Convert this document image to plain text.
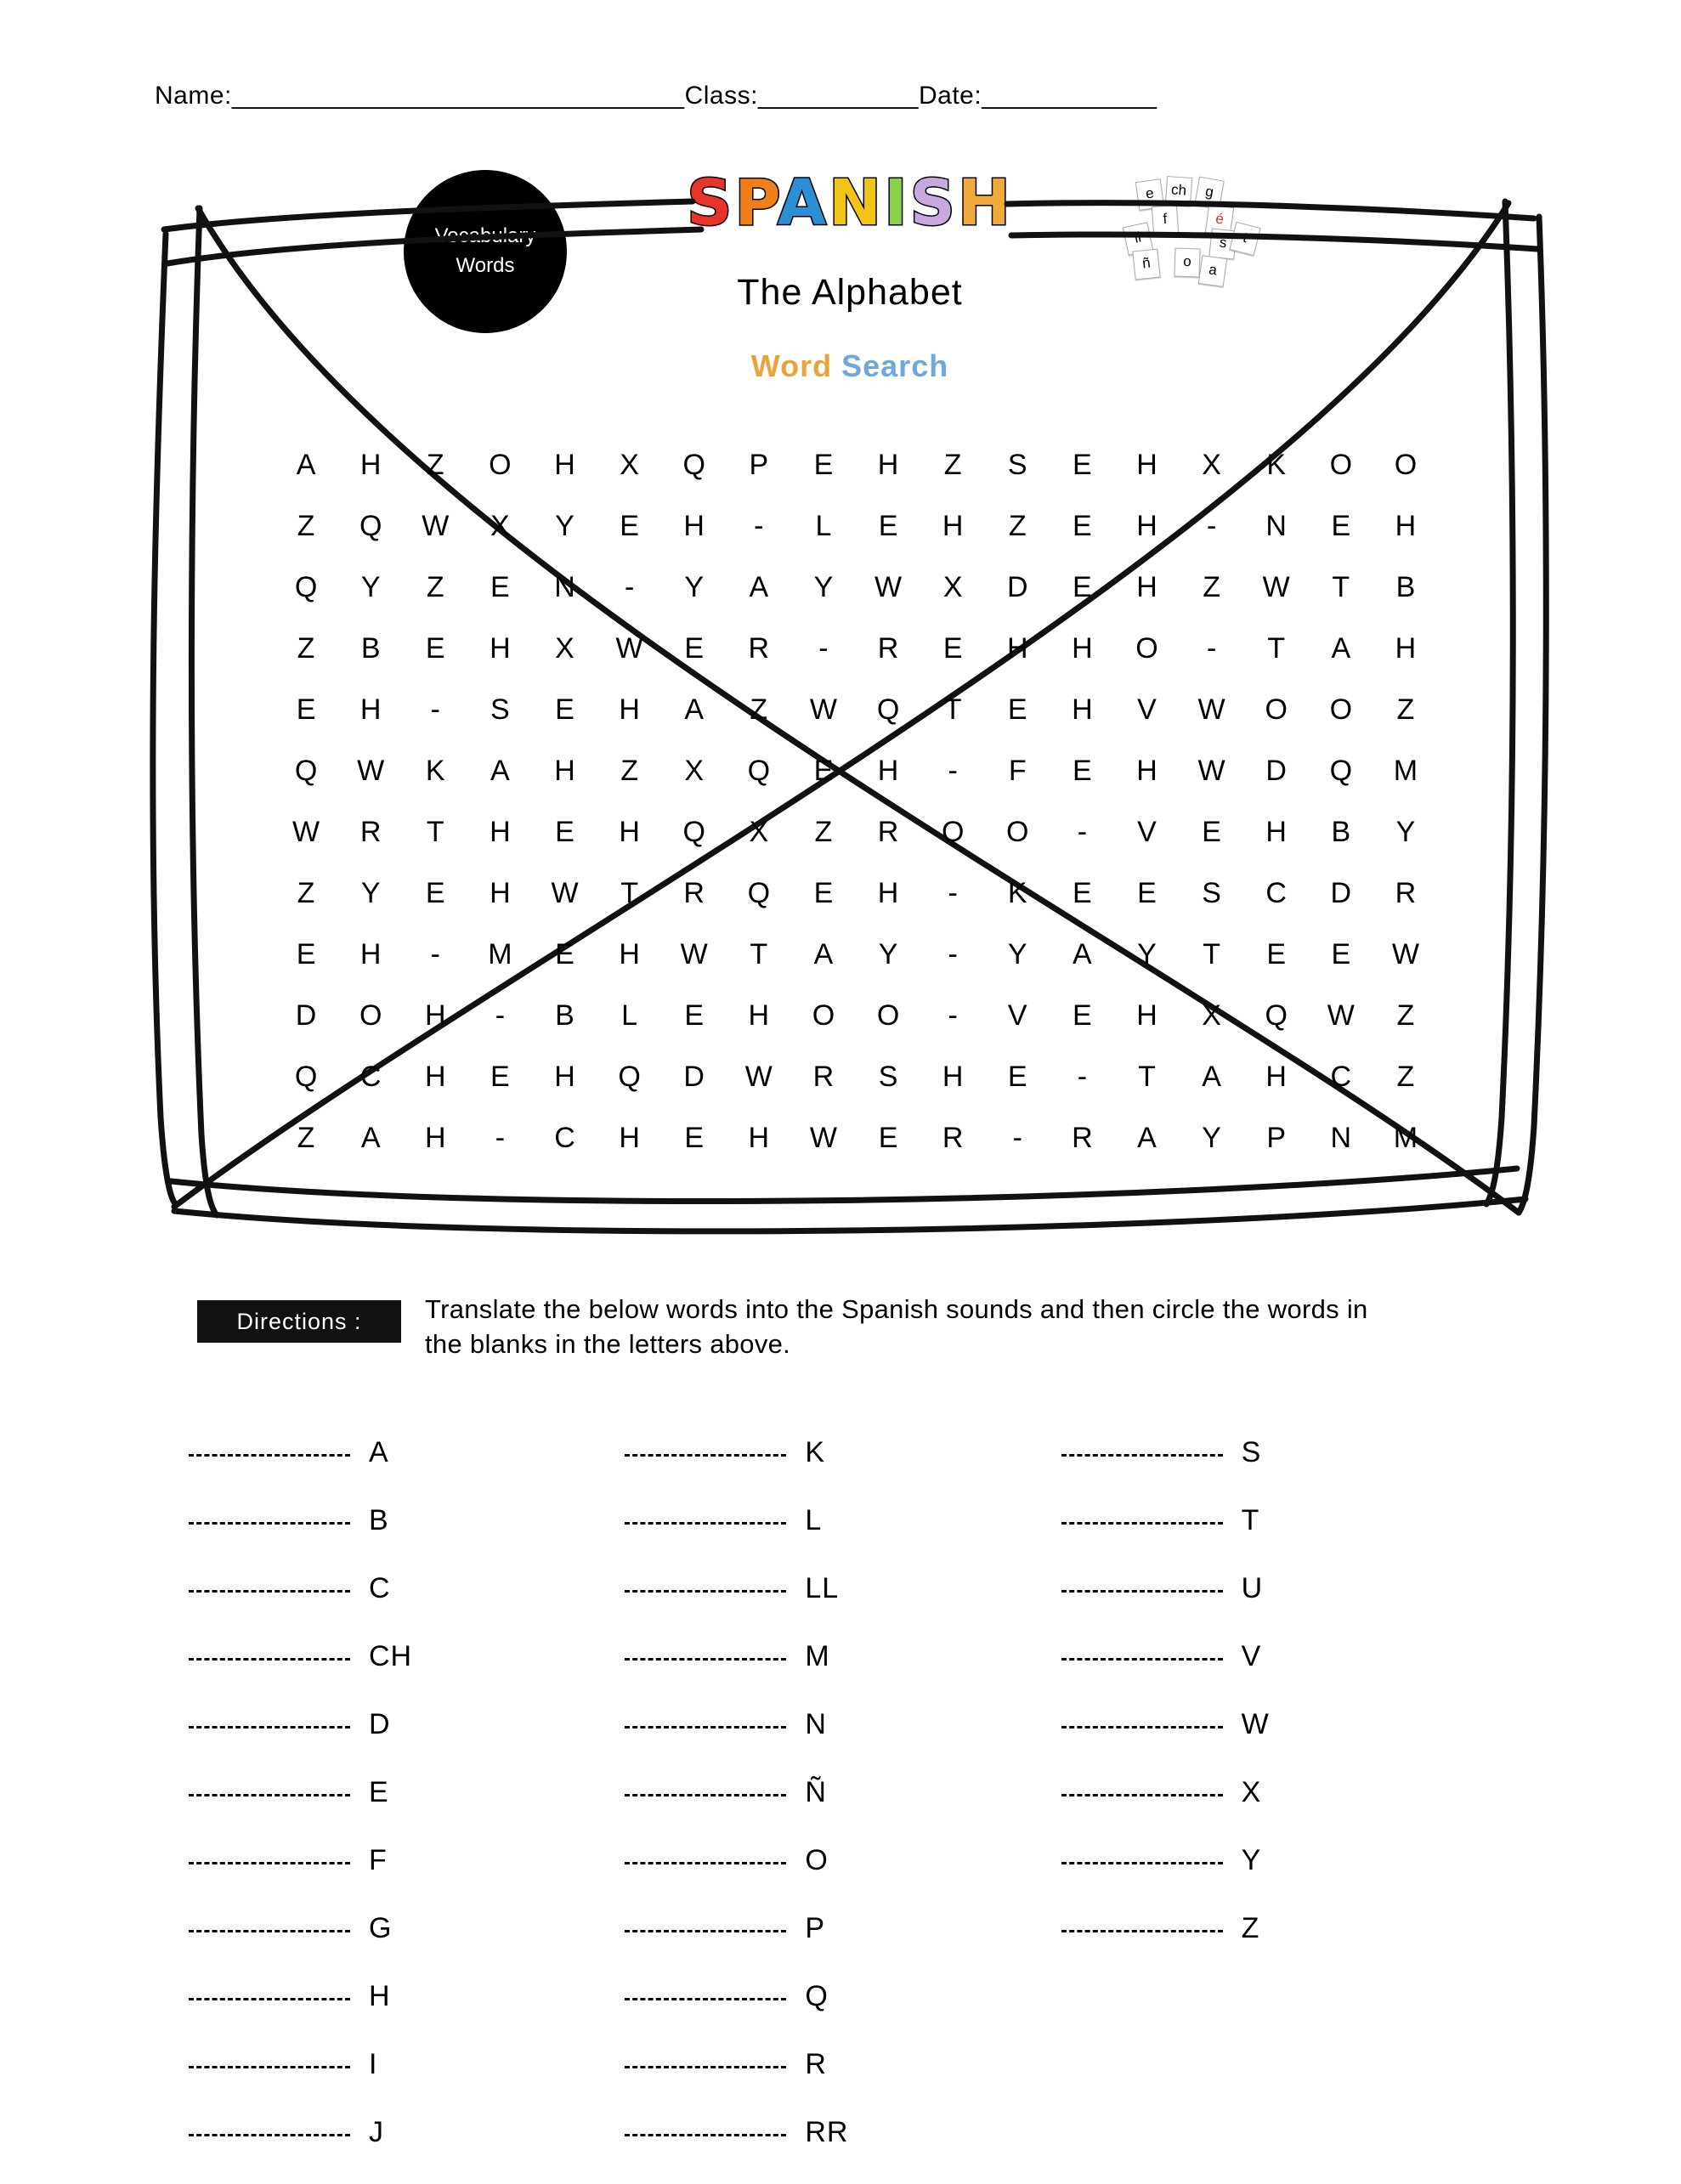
Name:_______________________________Class:___________Date:____________
Vocabulary
Words
SPANISH
The Alphabet
Word Search
e	ch	g
f	é
ll	s t
ñ	o	a
A	H	Z	O	H	X	Q	P	E	H	Z	S	E	H	X	K	O	O
Z	Q	W	X	Y	E	H	-	L	E	H	Z	E	H	-	N	E	H
Q	Y	Z	E	N	-	Y	A	Y	W	X	D	E	H	Z	W	T	B
Z	B	E	H	X	W	E	R	-	R	E	H	H	O	-	T	A	H
E	H	-	S	E	H	A	Z	W	Q	T	E	H	V	W	O	O	Z
Q	W	K	A	H	Z	X	Q	E	H	-	F	E	H	W	D	Q	M
W	R	T	H	E	H	Q	X	Z	R	O	O	-	V	E	H	B	Y
Z	Y	E	H	W	T	R	Q	E	H	-	K	E	E	S	C	D	R
E	H	-	M	E	H	W	T	A	Y	-	Y	A	Y	T	E	E	W
D	O	H	-	B	L	E	H	O	O	-	V	E	H	X	Q	W	Z
Q	C	H	E	H	Q	D	W	R	S	H	E	-	T	A	H	C	Z
Z	A	H	-	C	H	E	H	W	E	R	-	R	A	Y	P	N	M
Directions :	Translate the below words into the Spanish sounds and then circle the words in the blanks in the letters above.
A
B
C
CH
D
E
F
G
H
I
J
K
L
LL
M
N
Ñ
O
P
Q
R
RR
S
T
U
V
W
X
Y
Z
